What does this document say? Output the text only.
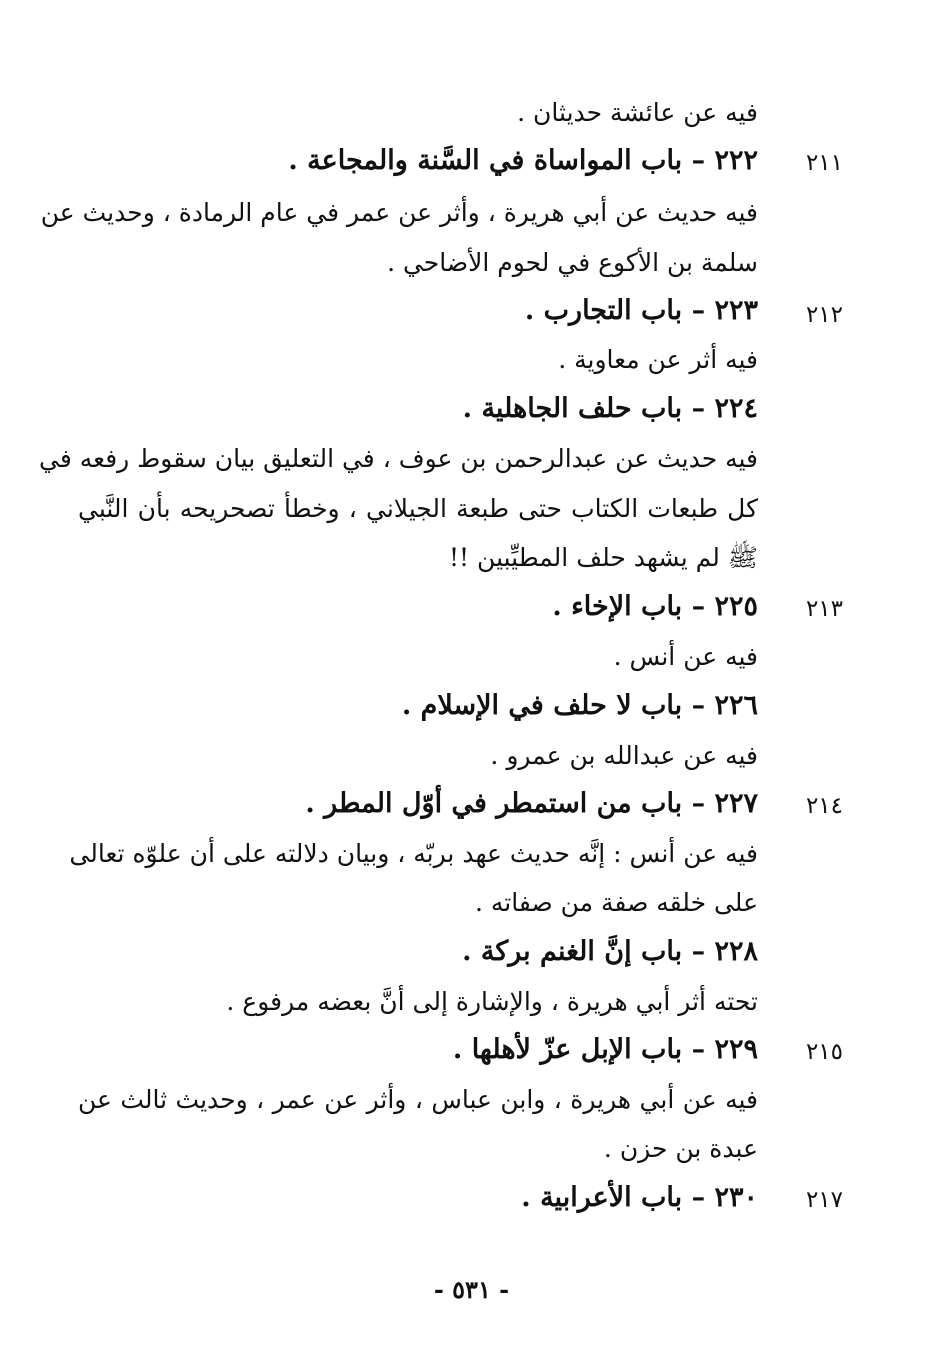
فيه عن عائشة حديثان .
٢١١
٢٢٢ – باب المواساة في السَّنة والمجاعة .
فيه حديث عن أبي هريرة ، وأثر عن عمر في عام الرمادة ، وحديث عن
سلمة بن الأكوع في لحوم الأضاحي .
٢١٢
٢٢٣ – باب التجارب .
فيه أثر عن معاوية .
٢٢٤ – باب حلف الجاهلية .
فيه حديث عن عبدالرحمن بن عوف ، في التعليق بيان سقوط رفعه في
كل طبعات الكتاب حتى طبعة الجيلاني ، وخطأ تصحريحه بأن النَّبي
ﷺ لم يشهد حلف المطيِّبين !!
٢١٣
٢٢٥ – باب الإخاء .
فيه عن أنس .
٢٢٦ – باب لا حلف في الإسلام .
فيه عن عبدالله بن عمرو .
٢١٤
٢٢٧ – باب من استمطر في أوّل المطر .
فيه عن أنس : إنَّه حديث عهد بربّه ، وبيان دلالته على أن علوّه تعالى
على خلقه صفة من صفاته .
٢٢٨ – باب إنَّ الغنم بركة .
تحته أثر أبي هريرة ، والإشارة إلى أنَّ بعضه مرفوع .
٢١٥
٢٢٩ – باب الإبل عزّ لأهلها .
فيه عن أبي هريرة ، وابن عباس ، وأثر عن عمر ، وحديث ثالث عن
عبدة بن حزن .
٢١٧
٢٣٠ – باب الأعرابية .
- ٥٣١ -
